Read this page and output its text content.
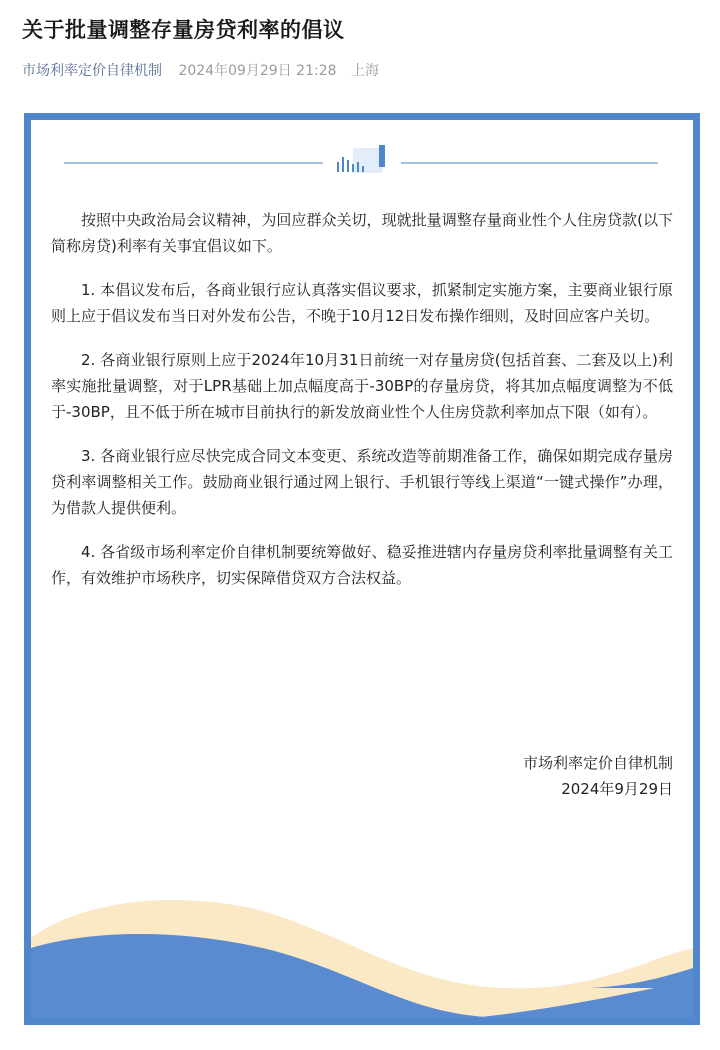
关于批量调整存量房贷利率的倡议
市场利率定价自律机制 2024年09月29日 21:28 上海

按照中央政治局会议精神，为回应群众关切，现就批量调整存量商业性个人住房贷款(以下简称房贷)利率有关事宜倡议如下。

1. 本倡议发布后，各商业银行应认真落实倡议要求，抓紧制定实施方案，主要商业银行原则上应于倡议发布当日对外发布公告，不晚于10月12日发布操作细则，及时回应客户关切。

2. 各商业银行原则上应于2024年10月31日前统一对存量房贷(包括首套、二套及以上)利率实施批量调整，对于LPR基础上加点幅度高于-30BP的存量房贷，将其加点幅度调整为不低于-30BP，且不低于所在城市目前执行的新发放商业性个人住房贷款利率加点下限（如有）。

3. 各商业银行应尽快完成合同文本变更、系统改造等前期准备工作，确保如期完成存量房贷利率调整相关工作。鼓励商业银行通过网上银行、手机银行等线上渠道“一键式操作”办理，为借款人提供便利。

4. 各省级市场利率定价自律机制要统筹做好、稳妥推进辖内存量房贷利率批量调整有关工作，有效维护市场秩序，切实保障借贷双方合法权益。

市场利率定价自律机制
2024年9月29日
